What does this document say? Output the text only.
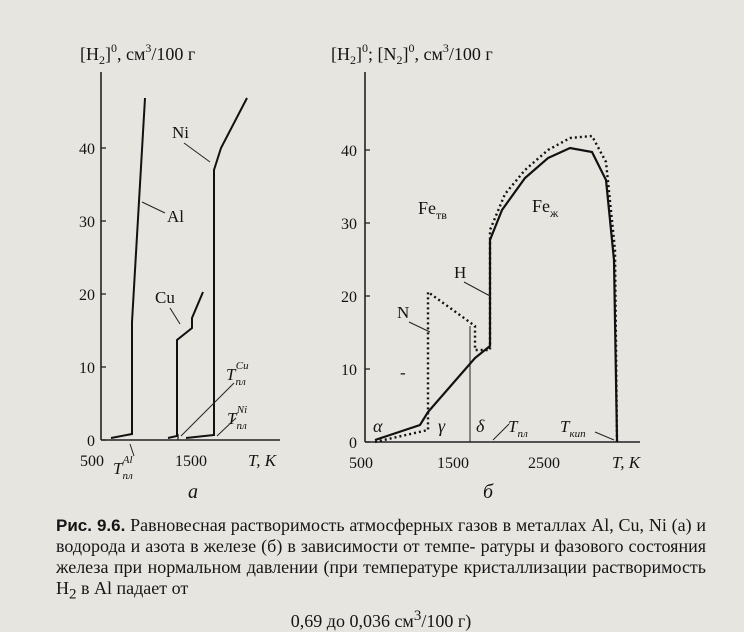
$[H_2]^0$, $см^3/100$ г
0
10
20
30
40
500	1500 T, К
Ni
Al
Cu
$T_{пл}Al$
$T_{пл}Cu$
$T_{пл}Ni$
а
$[H_2]^0$; $[N_2]^0$, $см^3/100$ г
0
10
20
30
40
500	1500	2500	T, К
$Fe_{тв}$	$Fe_ж$
H
N
-
α	γ δ $T_{пл}$ $T_{кип}$
б
Рис. 9.6. Равновесная растворимость атмосферных газов в металлах Al, Cu, Ni (а) и водорода и азота в железе (б) в зависимости от темпе- ратуры и фазового состояния железа при нормальном давлении (при температуре кристаллизации растворимость $H_2$ в Al падает от
0,69 до 0,036 $см^3/100$ г)
